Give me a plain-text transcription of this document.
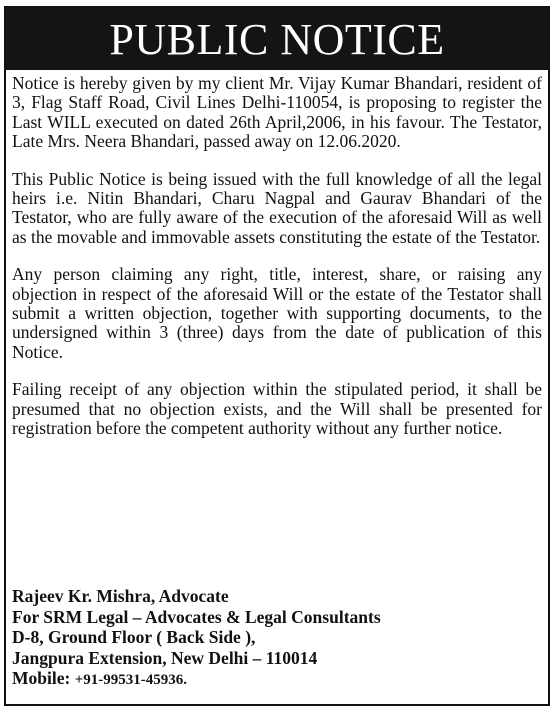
PUBLIC NOTICE

Notice is hereby given by my client Mr. Vijay Kumar Bhandari, resident of 3, Flag Staff Road, Civil Lines Delhi-110054, is proposing to register the Last WILL executed on dated 26th April,2006, in his favour. The Testator, Late Mrs. Neera Bhandari, passed away on 12.06.2020.

This Public Notice is being issued with the full knowledge of all the legal heirs i.e. Nitin Bhandari, Charu Nagpal and Gaurav Bhandari of the Testator, who are fully aware of the execution of the aforesaid Will as well as the movable and immovable assets constituting the estate of the Testator.

Any person claiming any right, title, interest, share, or raising any objection in respect of the aforesaid Will or the estate of the Testator shall submit a written objection, together with supporting documents, to the undersigned within 3 (three) days from the date of publication of this Notice.

Failing receipt of any objection within the stipulated period, it shall be presumed that no objection exists, and the Will shall be presented for registration before the competent authority without any further notice.

Rajeev Kr. Mishra, Advocate
For SRM Legal – Advocates & Legal Consultants
D-8, Ground Floor ( Back Side ),
Jangpura Extension, New Delhi – 110014
Mobile: +91-99531-45936.
